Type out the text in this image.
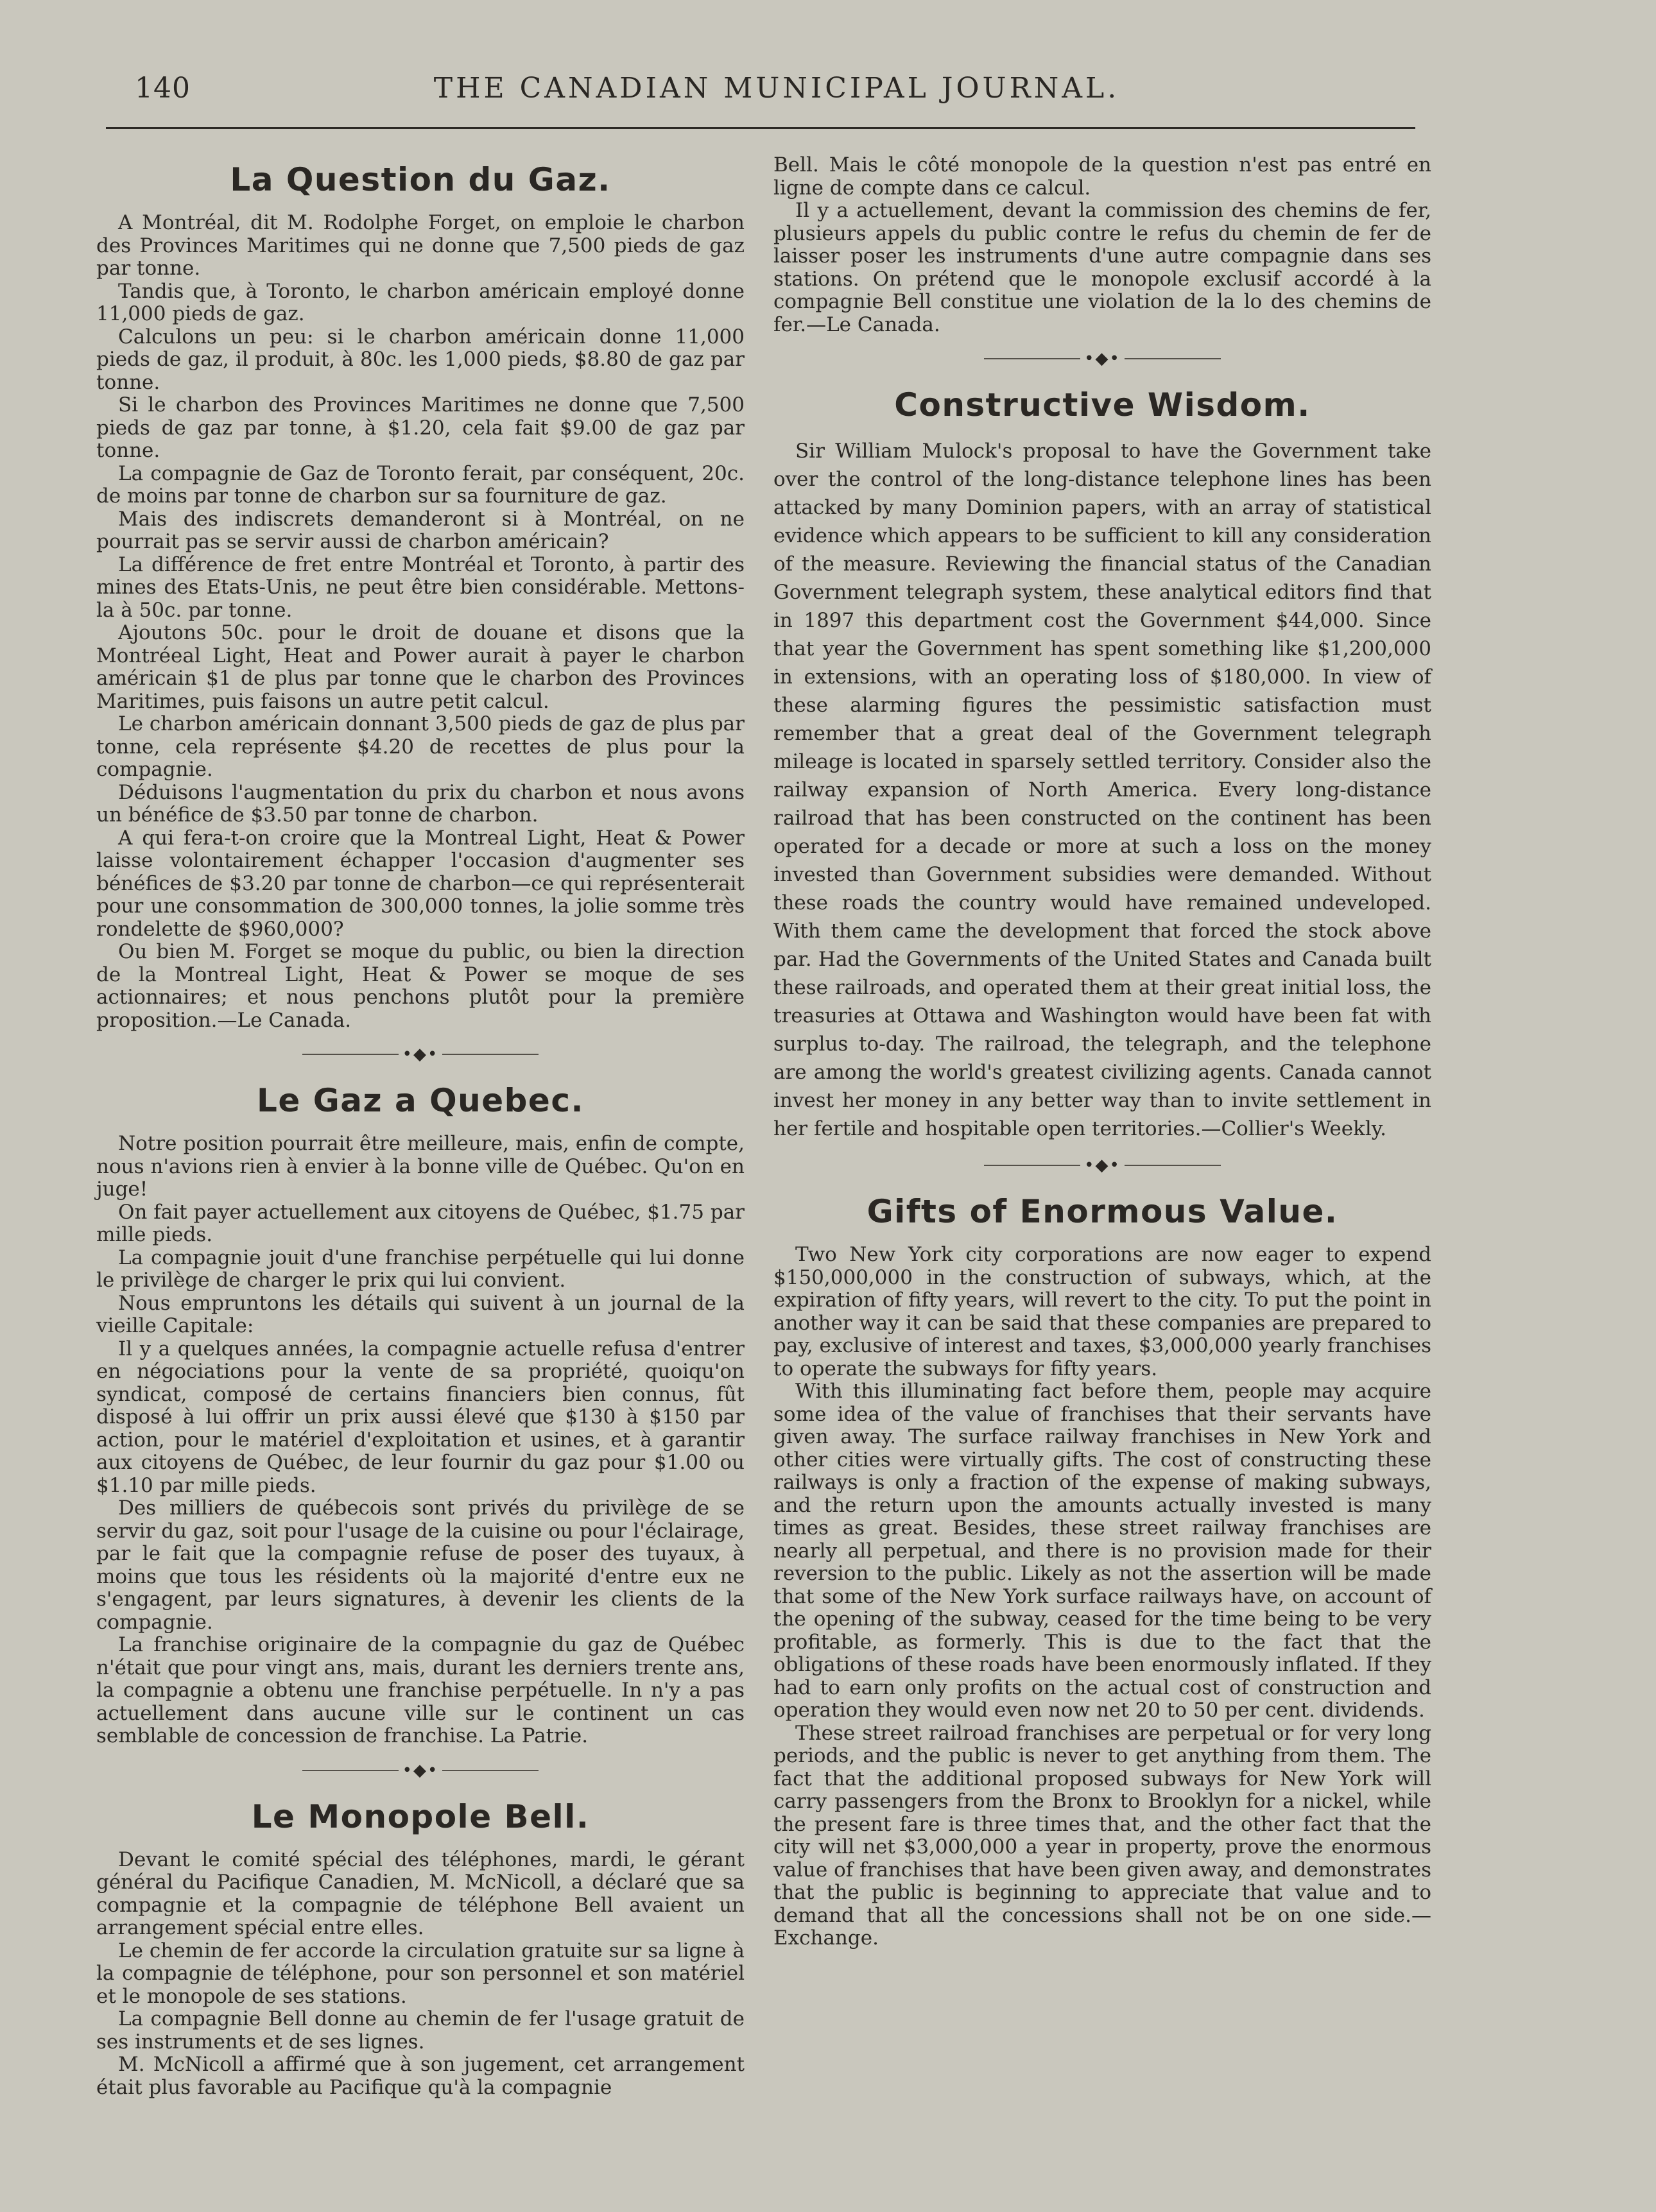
140	THE CANADIAN MUNICIPAL JOURNAL.
La Question du Gaz.

A Montréal, dit M. Rodolphe Forget, on emploie le charbon des Provinces Maritimes qui ne donne que 7,500 pieds de gaz par tonne.

Tandis que, à Toronto, le charbon américain employé donne 11,000 pieds de gaz.

Calculons un peu: si le charbon américain donne 11,000 pieds de gaz, il produit, à 80c. les 1,000 pieds, $8.80 de gaz par tonne.

Si le charbon des Provinces Maritimes ne donne que 7,500 pieds de gaz par tonne, à $1.20, cela fait $9.00 de gaz par tonne.

La compagnie de Gaz de Toronto ferait, par conséquent, 20c. de moins par tonne de charbon sur sa fourniture de gaz.

Mais des indiscrets demanderont si à Montréal, on ne pourrait pas se servir aussi de charbon américain?

La différence de fret entre Montréal et Toronto, à partir des mines des Etats-Unis, ne peut être bien considérable. Mettons-la à 50c. par tonne.

Ajoutons 50c. pour le droit de douane et disons que la Montréeal Light, Heat and Power aurait à payer le charbon américain $1 de plus par tonne que le charbon des Provinces Maritimes, puis faisons un autre petit calcul.

Le charbon américain donnant 3,500 pieds de gaz de plus par tonne, cela représente $4.20 de recettes de plus pour la compagnie.

Déduisons l'augmentation du prix du charbon et nous avons un bénéfice de $3.50 par tonne de charbon.

A qui fera-t-on croire que la Montreal Light, Heat & Power laisse volontairement échapper l'occasion d'augmenter ses bénéfices de $3.20 par tonne de charbon—ce qui représenterait pour une consommation de 300,000 tonnes, la jolie somme très rondelette de $960,000?

Ou bien M. Forget se moque du public, ou bien la direction de la Montreal Light, Heat & Power se moque de ses actionnaires; et nous penchons plutôt pour la première proposition.—Le Canada.

•◆•
Le Gaz a Quebec.

Notre position pourrait être meilleure, mais, enfin de compte, nous n'avions rien à envier à la bonne ville de Québec. Qu'on en juge!

On fait payer actuellement aux citoyens de Québec, $1.75 par mille pieds.

La compagnie jouit d'une franchise perpétuelle qui lui donne le privilège de charger le prix qui lui convient.

Nous empruntons les détails qui suivent à un journal de la vieille Capitale:

Il y a quelques années, la compagnie actuelle refusa d'entrer en négociations pour la vente de sa propriété, quoiqu'on syndicat, composé de certains financiers bien connus, fût disposé à lui offrir un prix aussi élevé que $130 à $150 par action, pour le matériel d'exploitation et usines, et à garantir aux citoyens de Québec, de leur fournir du gaz pour $1.00 ou $1.10 par mille pieds.

Des milliers de québecois sont privés du privilège de se servir du gaz, soit pour l'usage de la cuisine ou pour l'éclairage, par le fait que la compagnie refuse de poser des tuyaux, à moins que tous les résidents où la majorité d'entre eux ne s'engagent, par leurs signatures, à devenir les clients de la compagnie.

La franchise originaire de la compagnie du gaz de Québec n'était que pour vingt ans, mais, durant les derniers trente ans, la compagnie a obtenu une franchise perpétuelle. In n'y a pas actuellement dans aucune ville sur le continent un cas semblable de concession de franchise. La Patrie.

•◆•
Le Monopole Bell.

Devant le comité spécial des téléphones, mardi, le gérant général du Pacifique Canadien, M. McNicoll, a déclaré que sa compagnie et la compagnie de téléphone Bell avaient un arrangement spécial entre elles.

Le chemin de fer accorde la circulation gratuite sur sa ligne à la compagnie de téléphone, pour son personnel et son matériel et le monopole de ses stations.

La compagnie Bell donne au chemin de fer l'usage gratuit de ses instruments et de ses lignes.

M. McNicoll a affirmé que à son jugement, cet arrangement était plus favorable au Pacifique qu'à la compagnie

Bell. Mais le côté monopole de la question n'est pas entré en ligne de compte dans ce calcul.

Il y a actuellement, devant la commission des chemins de fer, plusieurs appels du public contre le refus du chemin de fer de laisser poser les instruments d'une autre compagnie dans ses stations. On prétend que le monopole exclusif accordé à la compagnie Bell constitue une violation de la lo des chemins de fer.—Le Canada.

•◆•
Constructive Wisdom.

Sir William Mulock's proposal to have the Government take over the control of the long-distance telephone lines has been attacked by many Dominion papers, with an array of statistical evidence which appears to be sufficient to kill any consideration of the measure. Reviewing the financial status of the Canadian Government telegraph system, these analytical editors find that in 1897 this department cost the Government $44,000. Since that year the Government has spent something like $1,200,000 in extensions, with an operating loss of $180,000. In view of these alarming figures the pessimistic satisfaction must remember that a great deal of the Government telegraph mileage is located in sparsely settled territory. Consider also the railway expansion of North America. Every long-distance railroad that has been constructed on the continent has been operated for a decade or more at such a loss on the money invested than Government subsidies were demanded. Without these roads the country would have remained undeveloped. With them came the development that forced the stock above par. Had the Governments of the United States and Canada built these railroads, and operated them at their great initial loss, the treasuries at Ottawa and Washington would have been fat with surplus to-day. The railroad, the telegraph, and the telephone are among the world's greatest civilizing agents. Canada cannot invest her money in any better way than to invite settlement in her fertile and hospitable open territories.—Collier's Weekly.

•◆•
Gifts of Enormous Value.

Two New York city corporations are now eager to expend $150,000,000 in the construction of subways, which, at the expiration of fifty years, will revert to the city. To put the point in another way it can be said that these companies are prepared to pay, exclusive of interest and taxes, $3,000,000 yearly franchises to operate the subways for fifty years.

With this illuminating fact before them, people may acquire some idea of the value of franchises that their servants have given away. The surface railway franchises in New York and other cities were virtually gifts. The cost of constructing these railways is only a fraction of the expense of making subways, and the return upon the amounts actually invested is many times as great. Besides, these street railway franchises are nearly all perpetual, and there is no provision made for their reversion to the public. Likely as not the assertion will be made that some of the New York surface railways have, on account of the opening of the subway, ceased for the time being to be very profitable, as formerly. This is due to the fact that the obligations of these roads have been enormously inflated. If they had to earn only profits on the actual cost of construction and operation they would even now net 20 to 50 per cent. dividends.

These street railroad franchises are perpetual or for very long periods, and the public is never to get anything from them. The fact that the additional proposed subways for New York will carry passengers from the Bronx to Brooklyn for a nickel, while the present fare is three times that, and the other fact that the city will net $3,000,000 a year in property, prove the enormous value of franchises that have been given away, and demonstrates that the public is beginning to appreciate that value and to demand that all the concessions shall not be on one side.—Exchange.
